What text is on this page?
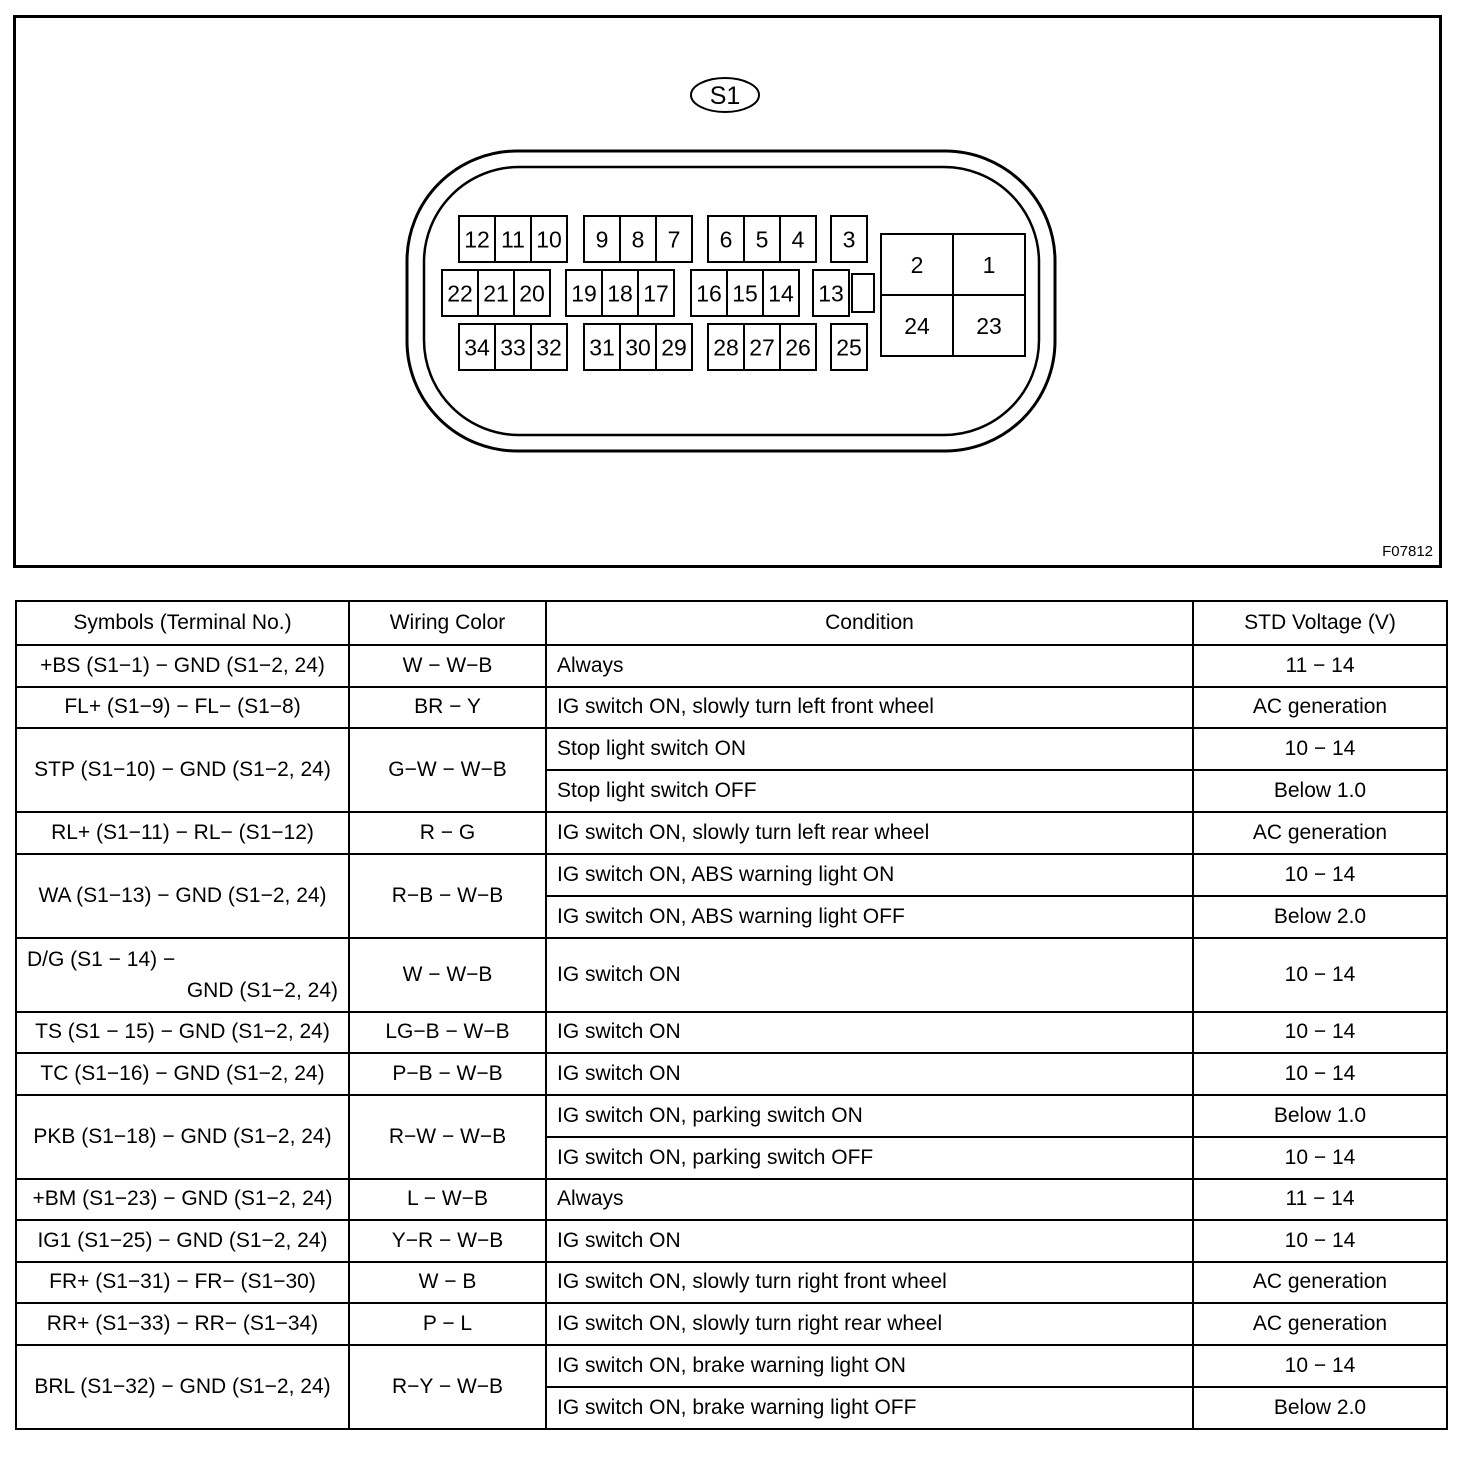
S1
12 11 10 9 8 7 6 5 4 3
22 21 20 19 18 17 16 15 14 13
34 33 32 31 30 29 28 27 26 25
2	1
24 23
F07812
Symbols (Terminal No.)	Wiring Color	Condition	STD Voltage (V)
+BS (S1−1) − GND (S1−2, 24)	W − W−B	Always	11 − 14
FL+ (S1−9) − FL− (S1−8)	BR − Y	IG switch ON, slowly turn left front wheel	AC generation
STP (S1−10) − GND (S1−2, 24)	G−W − W−B	Stop light switch ON	10 − 14
		Stop light switch OFF	Below 1.0
RL+ (S1−11) − RL− (S1−12)	R − G	IG switch ON, slowly turn left rear wheel	AC generation
WA (S1−13) − GND (S1−2, 24)	R−B − W−B	IG switch ON, ABS warning light ON	10 − 14
		IG switch ON, ABS warning light OFF	Below 2.0

D/G (S1 − 14) −
GND (S1−2, 24)	W − W−B	IG switch ON	10 − 14
TS (S1 − 15) − GND (S1−2, 24)	LG−B − W−B	IG switch ON	10 − 14
TC (S1−16) − GND (S1−2, 24)	P−B − W−B	IG switch ON	10 − 14
PKB (S1−18) − GND (S1−2, 24)	R−W − W−B	IG switch ON, parking switch ON	Below 1.0
		IG switch ON, parking switch OFF	10 − 14
+BM (S1−23) − GND (S1−2, 24)	L − W−B	Always	11 − 14
IG1 (S1−25) − GND (S1−2, 24)	Y−R − W−B	IG switch ON	10 − 14
FR+ (S1−31) − FR− (S1−30)	W − B	IG switch ON, slowly turn right front wheel	AC generation
RR+ (S1−33) − RR− (S1−34)	P − L	IG switch ON, slowly turn right rear wheel	AC generation
BRL (S1−32) − GND (S1−2, 24)	R−Y − W−B	IG switch ON, brake warning light ON	10 − 14
		IG switch ON, brake warning light OFF	Below 2.0
